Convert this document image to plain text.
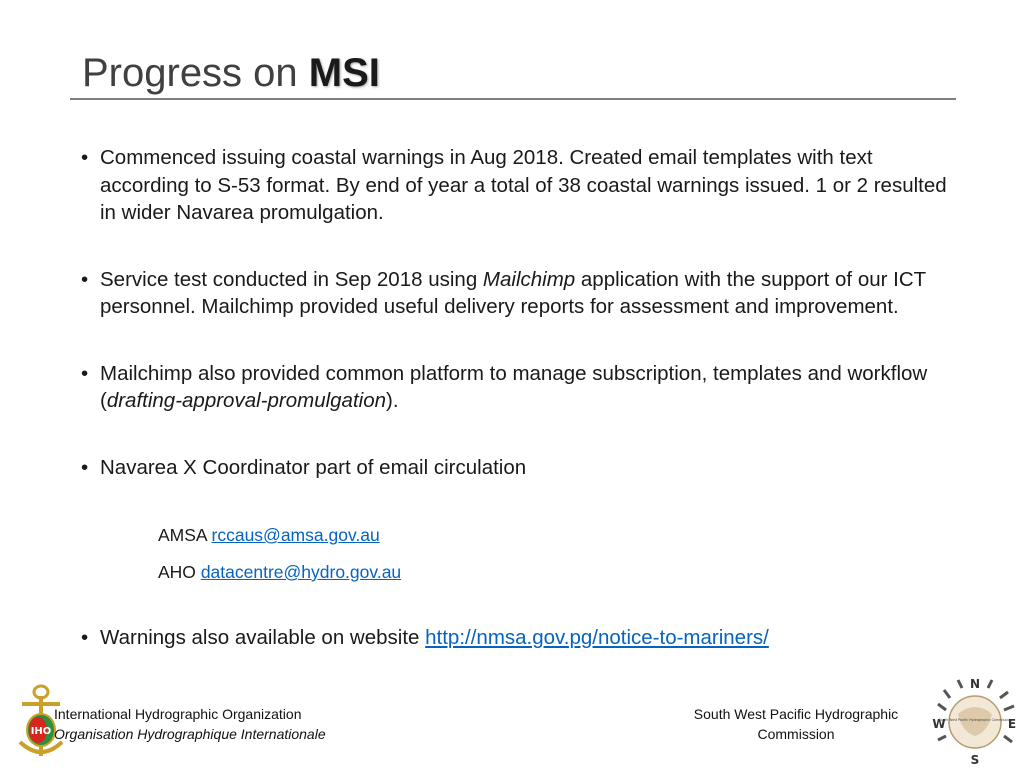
Progress on MSI
• Commenced issuing coastal warnings in Aug 2018. Created email templates with text according to S-53 format. By end of year a total of 38 coastal warnings issued. 1 or 2 resulted in wider Navarea promulgation.
• Service test conducted in Sep 2018 using Mailchimp application with the support of our ICT personnel. Mailchimp provided useful delivery reports for assessment and improvement.
• Mailchimp also provided common platform to manage subscription, templates and workflow (drafting-approval-promulgation).
• Navarea X Coordinator part of email circulation
AMSA rccaus@amsa.gov.au
AHO datacentre@hydro.gov.au
• Warnings also available on website http://nmsa.gov.pg/notice-to-mariners/
IHO
International Hydrographic Organization
Organisation Hydrographique Internationale
South West Pacific Hydrographic
Commission
N
E
S
W
South West Pacific Hydrographic Commission
